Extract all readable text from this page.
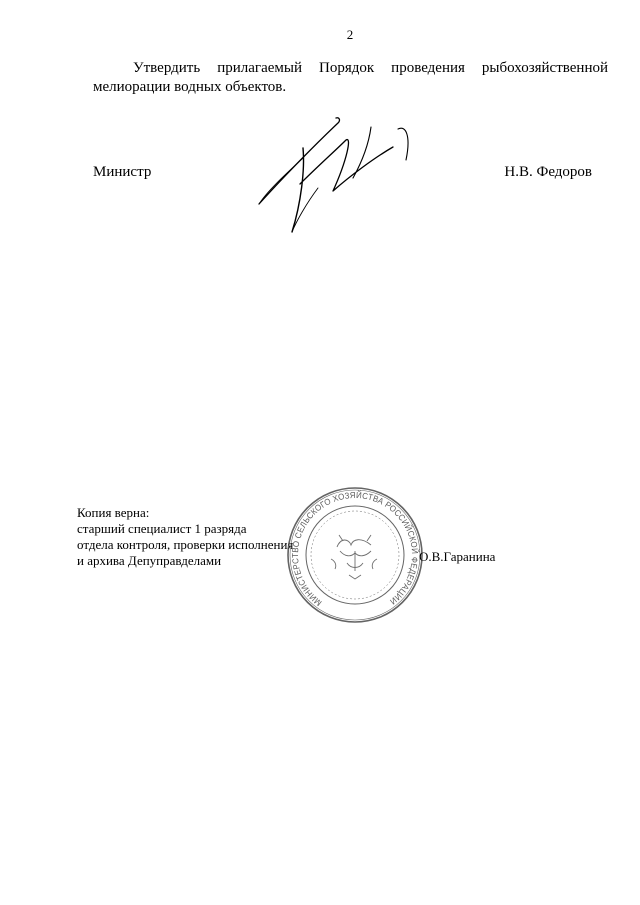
2
Утвердить прилагаемый Порядок проведения рыбохозяйственной
мелиорации водных объектов.
Министр	Н.В. Федоров
Копия верна:
старший специалист 1 разряда
отдела контроля, проверки исполнения
и архива Депуправделами
МИНИСТЕРСТВО СЕЛЬСКОГО ХОЗЯЙСТВА РОССИЙСКОЙ ФЕДЕРАЦИИ
О.В.Гаранина
